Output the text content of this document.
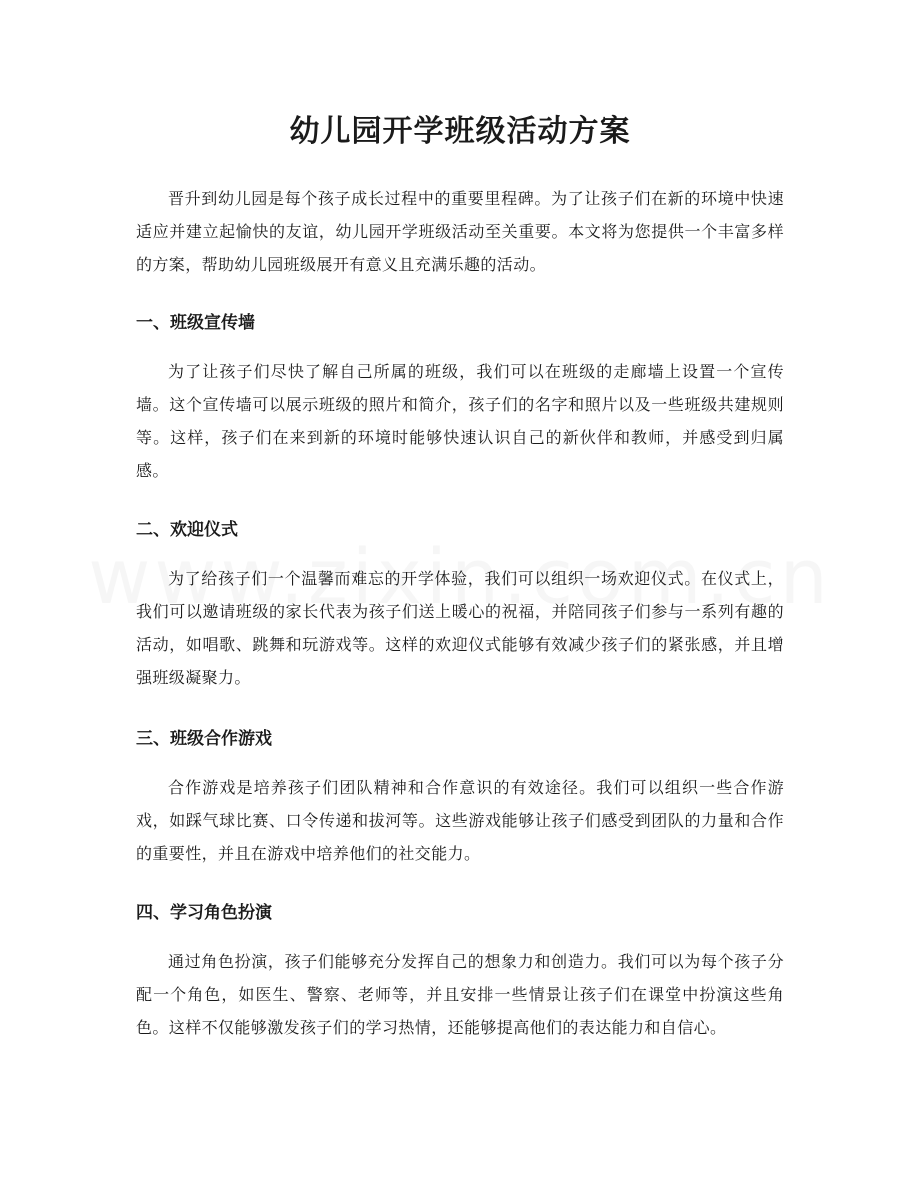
幼儿园开学班级活动方案

晋升到幼儿园是每个孩子成长过程中的重要里程碑。为了让孩子们在新的环境中快速适应并建立起愉快的友谊，幼儿园开学班级活动至关重要。本文将为您提供一个丰富多样的方案，帮助幼儿园班级展开有意义且充满乐趣的活动。

一、班级宣传墙

为了让孩子们尽快了解自己所属的班级，我们可以在班级的走廊墙上设置一个宣传墙。这个宣传墙可以展示班级的照片和简介，孩子们的名字和照片以及一些班级共建规则等。这样，孩子们在来到新的环境时能够快速认识自己的新伙伴和教师，并感受到归属感。

二、欢迎仪式

为了给孩子们一个温馨而难忘的开学体验，我们可以组织一场欢迎仪式。在仪式上，我们可以邀请班级的家长代表为孩子们送上暖心的祝福，并陪同孩子们参与一系列有趣的活动，如唱歌、跳舞和玩游戏等。这样的欢迎仪式能够有效减少孩子们的紧张感，并且增强班级凝聚力。

三、班级合作游戏

合作游戏是培养孩子们团队精神和合作意识的有效途径。我们可以组织一些合作游戏，如踩气球比赛、口令传递和拔河等。这些游戏能够让孩子们感受到团队的力量和合作的重要性，并且在游戏中培养他们的社交能力。

四、学习角色扮演

通过角色扮演，孩子们能够充分发挥自己的想象力和创造力。我们可以为每个孩子分配一个角色，如医生、警察、老师等，并且安排一些情景让孩子们在课堂中扮演这些角色。这样不仅能够激发孩子们的学习热情，还能够提高他们的表达能力和自信心。
